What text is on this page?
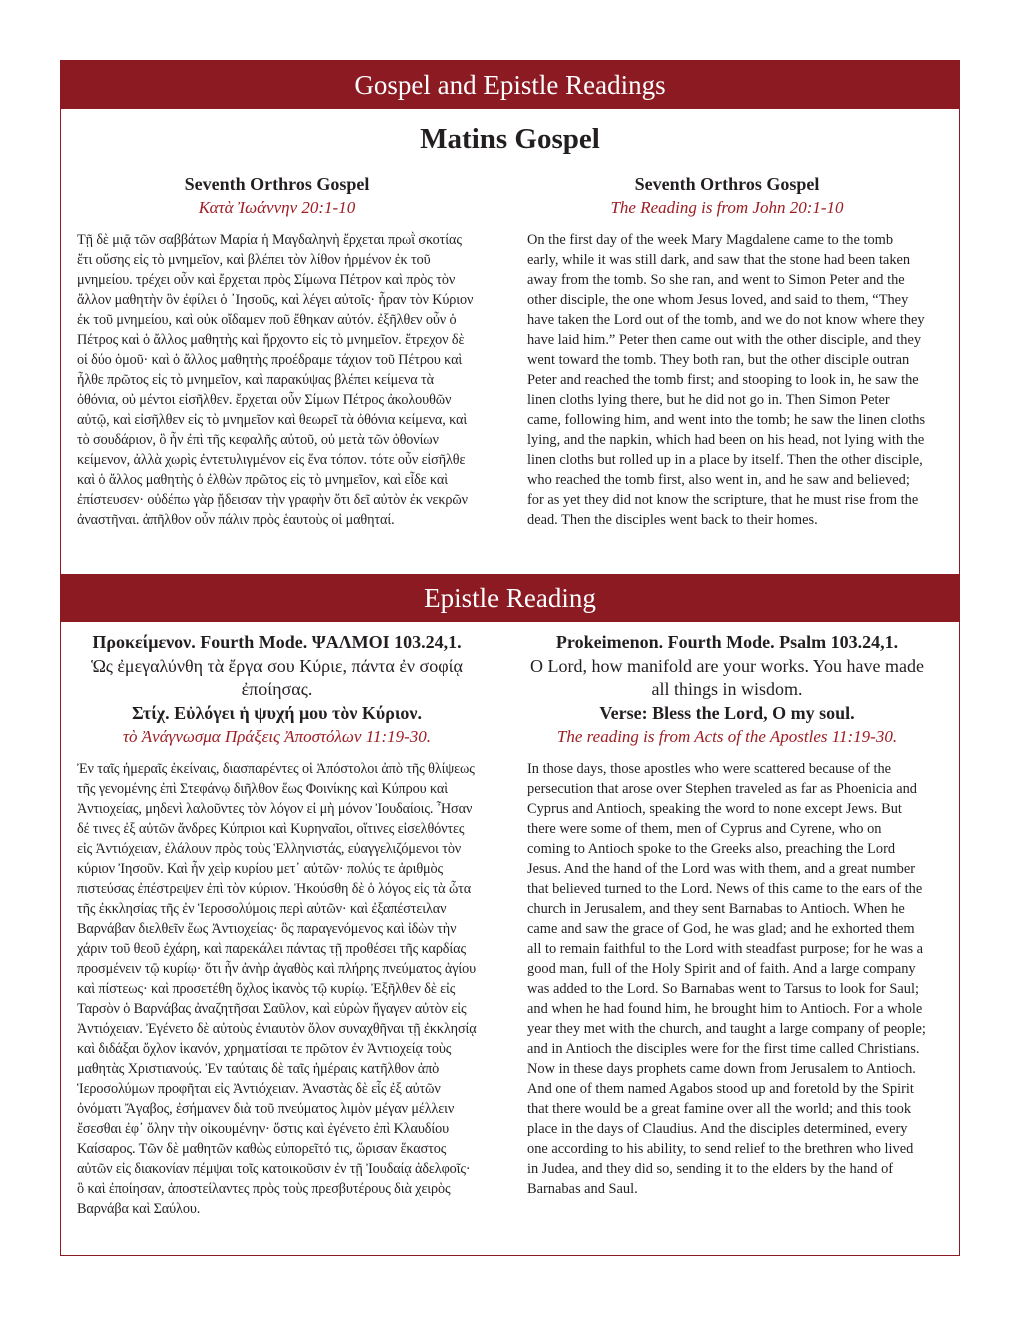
Gospel and Epistle Readings
Matins Gospel
Seventh Orthros Gospel
Κατὰ Ἰωάννην 20:1-10
Τῇ δὲ μιᾷ τῶν σαββάτων Μαρία ἡ Μαγδαληνὴ ἔρχεται πρωῒ σκοτίας ἔτι οὔσης εἰς τὸ μνημεῖον, καὶ βλέπει τὸν λίθον ἠρμένον ἐκ τοῦ μνημείου. τρέχει οὖν καὶ ἔρχεται πρὸς Σίμωνα Πέτρον καὶ πρὸς τὸν ἄλλον μαθητὴν ὃν ἐφίλει ὁ ᾿Ιησοῦς, καὶ λέγει αὐτοῖς· ἦραν τὸν Κύριον ἐκ τοῦ μνημείου, καὶ οὐκ οἴδαμεν ποῦ ἔθηκαν αὐτόν. ἐξῆλθεν οὖν ὁ Πέτρος καὶ ὁ ἄλλος μαθητὴς καὶ ἤρχοντο εἰς τὸ μνημεῖον. ἔτρεχον δὲ οἱ δύο ὁμοῦ· καὶ ὁ ἄλλος μαθητὴς προέδραμε τάχιον τοῦ Πέτρου καὶ ἦλθε πρῶτος εἰς τὸ μνημεῖον, καὶ παρακύψας βλέπει κείμενα τὰ ὀθόνια, οὐ μέντοι εἰσῆλθεν. ἔρχεται οὖν Σίμων Πέτρος ἀκολουθῶν αὐτῷ, καὶ εἰσῆλθεν εἰς τὸ μνημεῖον καὶ θεωρεῖ τὰ ὀθόνια κείμενα, καὶ τὸ σουδάριον, ὃ ἦν ἐπὶ τῆς κεφαλῆς αὐτοῦ, οὐ μετὰ τῶν ὀθονίων κείμενον, ἀλλὰ χωρὶς ἐντετυλιγμένον εἰς ἕνα τόπον. τότε οὖν εἰσῆλθε καὶ ὁ ἄλλος μαθητὴς ὁ ἐλθὼν πρῶτος εἰς τὸ μνημεῖον, καὶ εἶδε καὶ ἐπίστευσεν· οὐδέπω γὰρ ᾔδεισαν τὴν γραφὴν ὅτι δεῖ αὐτὸν ἐκ νεκρῶν ἀναστῆναι. ἀπῆλθον οὖν πάλιν πρὸς ἑαυτοὺς οἱ μαθηταί.
Seventh Orthros Gospel
The Reading is from John 20:1-10
On the first day of the week Mary Magdalene came to the tomb early, while it was still dark, and saw that the stone had been taken away from the tomb. So she ran, and went to Simon Peter and the other disciple, the one whom Jesus loved, and said to them, “They have taken the Lord out of the tomb, and we do not know where they have laid him.” Peter then came out with the other disciple, and they went toward the tomb. They both ran, but the other disciple outran Peter and reached the tomb first; and stooping to look in, he saw the linen cloths lying there, but he did not go in. Then Simon Peter came, following him, and went into the tomb; he saw the linen cloths lying, and the napkin, which had been on his head, not lying with the linen cloths but rolled up in a place by itself. Then the other disciple, who reached the tomb first, also went in, and he saw and believed; for as yet they did not know the scripture, that he must rise from the dead. Then the disciples went back to their homes.
Epistle Reading
Προκείμενον. Fourth Mode. ΨΑΛΜΟΙ 103.24,1.
Ὡς ἐμεγαλύνθη τὰ ἔργα σου Κύριε, πάντα ἐν σοφίᾳ ἐποίησας.
Στίχ. Εὐλόγει ἡ ψυχή μου τὸν Κύριον.
τὸ Ἀνάγνωσμα Πράξεις Ἀποστόλων 11:19-30.
Ἐν ταῖς ἡμεραῖς ἐκείναις, διασπαρέντες οἱ Ἀπόστολοι ἀπὸ τῆς θλίψεως τῆς γενομένης ἐπὶ Στεφάνῳ διῆλθον ἕως Φοινίκης καὶ Κύπρου καὶ Ἀντιοχείας, μηδενὶ λαλοῦντες τὸν λόγον εἰ μὴ μόνον Ἰουδαίοις. Ἦσαν δέ τινες ἐξ αὐτῶν ἄνδρες Κύπριοι καὶ Κυρηναῖοι, οἵτινες εἰσελθόντες εἰς Ἀντιόχειαν, ἐλάλουν πρὸς τοὺς Ἑλληνιστάς, εὐαγγελιζόμενοι τὸν κύριον Ἰησοῦν. Καὶ ἦν χεὶρ κυρίου μετ᾽ αὐτῶν· πολύς τε ἀριθμὸς πιστεύσας ἐπέστρεψεν ἐπὶ τὸν κύριον. Ἠκούσθη δὲ ὁ λόγος εἰς τὰ ὦτα τῆς ἐκκλησίας τῆς ἐν Ἱεροσολύμοις περὶ αὐτῶν· καὶ ἐξαπέστειλαν Βαρνάβαν διελθεῖν ἕως Ἀντιοχείας· ὃς παραγενόμενος καὶ ἰδὼν τὴν χάριν τοῦ θεοῦ ἐχάρη, καὶ παρεκάλει πάντας τῇ προθέσει τῆς καρδίας προσμένειν τῷ κυρίῳ· ὅτι ἦν ἀνὴρ ἀγαθὸς καὶ πλήρης πνεύματος ἁγίου καὶ πίστεως· καὶ προσετέθη ὄχλος ἱκανὸς τῷ κυρίῳ. Ἐξῆλθεν δὲ εἰς Ταρσὸν ὁ Βαρνάβας ἀναζητῆσαι Σαῦλον, καὶ εὑρὼν ἤγαγεν αὐτὸν εἰς Ἀντιόχειαν. Ἐγένετο δὲ αὐτοὺς ἐνιαυτὸν ὅλον συναχθῆναι τῇ ἐκκλησίᾳ καὶ διδάξαι ὄχλον ἱκανόν, χρηματίσαι τε πρῶτον ἐν Ἀντιοχείᾳ τοὺς μαθητὰς Χριστιανούς. Ἐν ταύταις δὲ ταῖς ἡμέραις κατῆλθον ἀπὸ Ἱεροσολύμων προφῆται εἰς Ἀντιόχειαν. Ἀναστὰς δὲ εἷς ἐξ αὐτῶν ὀνόματι Ἄγαβος, ἐσήμανεν διὰ τοῦ πνεύματος λιμὸν μέγαν μέλλειν ἔσεσθαι ἐφ᾽ ὅλην τὴν οἰκουμένην· ὅστις καὶ ἐγένετο ἐπὶ Κλαυδίου Καίσαρος. Τῶν δὲ μαθητῶν καθὼς εὐπορεῖτό τις, ὥρισαν ἕκαστος αὐτῶν εἰς διακονίαν πέμψαι τοῖς κατοικοῦσιν ἐν τῇ Ἰουδαίᾳ ἀδελφοῖς· ὃ καὶ ἐποίησαν, ἀποστείλαντες πρὸς τοὺς πρεσβυτέρους διὰ χειρὸς Βαρνάβα καὶ Σαύλου.
Prokeimenon. Fourth Mode. Psalm 103.24,1.
O Lord, how manifold are your works. You have made all things in wisdom.
Verse: Bless the Lord, O my soul.
The reading is from Acts of the Apostles 11:19-30.
In those days, those apostles who were scattered because of the persecution that arose over Stephen traveled as far as Phoenicia and Cyprus and Antioch, speaking the word to none except Jews. But there were some of them, men of Cyprus and Cyrene, who on coming to Antioch spoke to the Greeks also, preaching the Lord Jesus. And the hand of the Lord was with them, and a great number that believed turned to the Lord. News of this came to the ears of the church in Jerusalem, and they sent Barnabas to Antioch. When he came and saw the grace of God, he was glad; and he exhorted them all to remain faithful to the Lord with steadfast purpose; for he was a good man, full of the Holy Spirit and of faith. And a large company was added to the Lord. So Barnabas went to Tarsus to look for Saul; and when he had found him, he brought him to Antioch. For a whole year they met with the church, and taught a large company of people; and in Antioch the disciples were for the first time called Christians. Now in these days prophets came down from Jerusalem to Antioch. And one of them named Agabos stood up and foretold by the Spirit that there would be a great famine over all the world; and this took place in the days of Claudius. And the disciples determined, every one according to his ability, to send relief to the brethren who lived in Judea, and they did so, sending it to the elders by the hand of Barnabas and Saul.
